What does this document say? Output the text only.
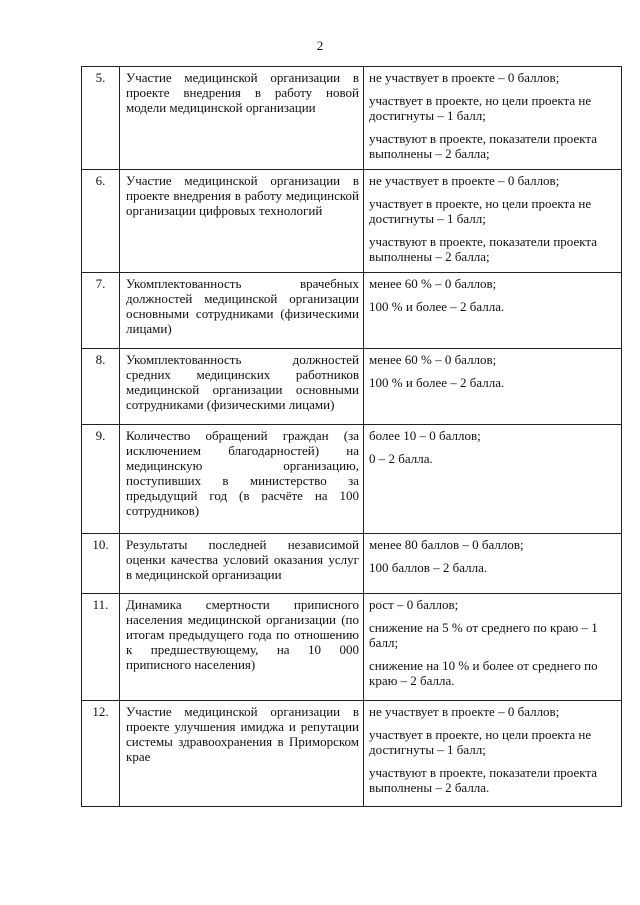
2
5.	Участие медицинской организации в проекте внедрения в работу новой модели медицинской организации	не участвует в проекте – 0 баллов;
участвует в проекте, но цели проекта не достигнуты – 1 балл;
участвуют в проекте, показатели проекта выполнены – 2 балла;

6.	Участие медицинской организации в проекте внедрения в работу медицинской организации цифровых технологий	не участвует в проекте – 0 баллов;
участвует в проекте, но цели проекта не достигнуты – 1 балл;
участвуют в проекте, показатели проекта выполнены – 2 балла;

7.	Укомплектованность врачебных должностей медицинской организации основными сотрудниками (физическими лицами)	менее 60 % – 0 баллов;
100 % и более – 2 балла.

8.	Укомплектованность должностей средних медицинских работников медицинской организации основными сотрудниками (физическими лицами)	менее 60 % – 0 баллов;
100 % и более – 2 балла.

9.	Количество обращений граждан (за исключением благодарностей) на медицинскую организацию, поступивших в министерство за предыдущий год (в расчёте на 100 сотрудников)	более 10 – 0 баллов;
0 – 2 балла.

10.	Результаты последней независимой оценки качества условий оказания услуг в медицинской организации	менее 80 баллов – 0 баллов;
100 баллов – 2 балла.

11.	Динамика смертности приписного населения медицинской организации (по итогам предыдущего года по отношению к предшествующему, на 10 000 приписного населения)	рост – 0 баллов;
снижение на 5 % от среднего по краю – 1 балл;
снижение на 10 % и более от среднего по краю – 2 балла.

12.	Участие медицинской организации в проекте улучшения имиджа и репутации системы здравоохранения в Приморском крае	не участвует в проекте – 0 баллов;
участвует в проекте, но цели проекта не достигнуты – 1 балл;
участвуют в проекте, показатели проекта выполнены – 2 балла.
